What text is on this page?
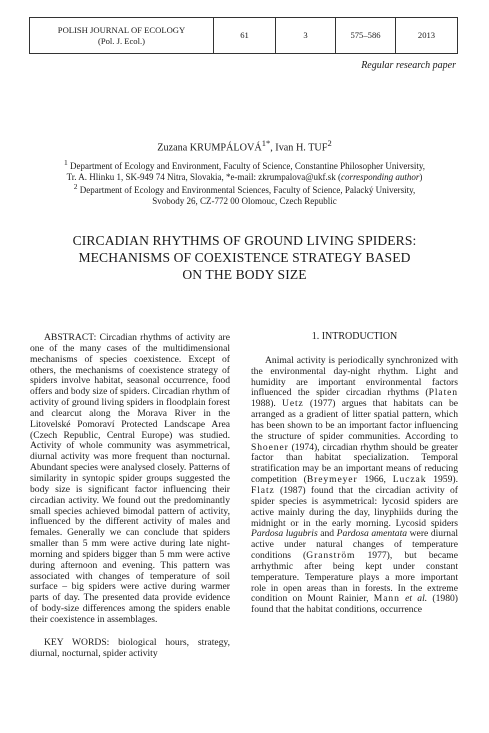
POLISH JOURNAL OF ECOLOGY
(Pol. J. Ecol.)
	61	3	575–586	2013
Regular research paper
Zuzana $KRUMPÁLOVÁ^{1*}$, Ivan H. TUF$^2$
$^1$ Department of Ecology and Environment, Faculty of Science, Constantine Philosopher University,
Tr. A. Hlinku 1, SK-949 74 Nitra, Slovakia, *e-mail: zkrumpalova@ukf.sk (corresponding author)
$^2$ Department of Ecology and Environmental Sciences, Faculty of Science, Palacký University,
Svobody 26, CZ-772 00 Olomouc, Czech Republic
CIRCADIAN RHYTHMS OF GROUND LIVING SPIDERS:
MECHANISMS OF COEXISTENCE STRATEGY BASED
ON THE BODY SIZE

ABSTRACT: Circadian rhythms of activity are one of the many cases of the multidimensional mechanisms of species coexistence. Except of others, the mechanisms of coexistence strategy of spiders involve habitat, seasonal occurrence, food offers and body size of spiders. Circadian rhythm of activity of ground living spiders in floodplain forest and clearcut along the Morava River in the Litovelské Pomoraví Protected Landscape Area (Czech Republic, Central Europe) was studied. Activity of whole community was asymmetrical, diurnal activity was more frequent than nocturnal. Abundant species were analysed closely. Patterns of similarity in syntopic spider groups suggested the body size is significant factor influencing their circadian activity. We found out the predominantly small species achieved bimodal pattern of activity, influenced by the different activity of males and females. Generally we can conclude that spiders smaller than 5 mm were active during late night-morning and spiders bigger than 5 mm were active during afternoon and evening. This pattern was associated with changes of temperature of soil surface – big spiders were active during warmer parts of day. The presented data provide evidence of body-size differences among the spiders enable their coexistence in assemblages.

KEY WORDS: biological hours, strategy, diurnal, nocturnal, spider activity

1. INTRODUCTION

Animal activity is periodically synchronized with the environmental day-night rhythm. Light and humidity are important environmental factors influenced the spider circadian rhythms (Platen 1988). Uetz (1977) argues that habitats can be arranged as a gradient of litter spatial pattern, which has been shown to be an important factor influencing the structure of spider communities. According to Shoener (1974), circadian rhythm should be greater factor than habitat specialization. Temporal stratification may be an important means of reducing competition (Breymeyer 1966, Luczak 1959). Flatz (1987) found that the circadian activity of spider species is asymmetrical: lycosid spiders are active mainly during the day, linyphiids during the midnight or in the early morning. Lycosid spiders Pardosa lugubris and Pardosa amentata were diurnal active under natural changes of temperature conditions (Granström 1977), but became arrhythmic after being kept under constant temperature. Temperature plays a more important role in open areas than in forests. In the extreme condition on Mount Rainier, Mann et al. (1980) found that the habitat conditions, occurrence
